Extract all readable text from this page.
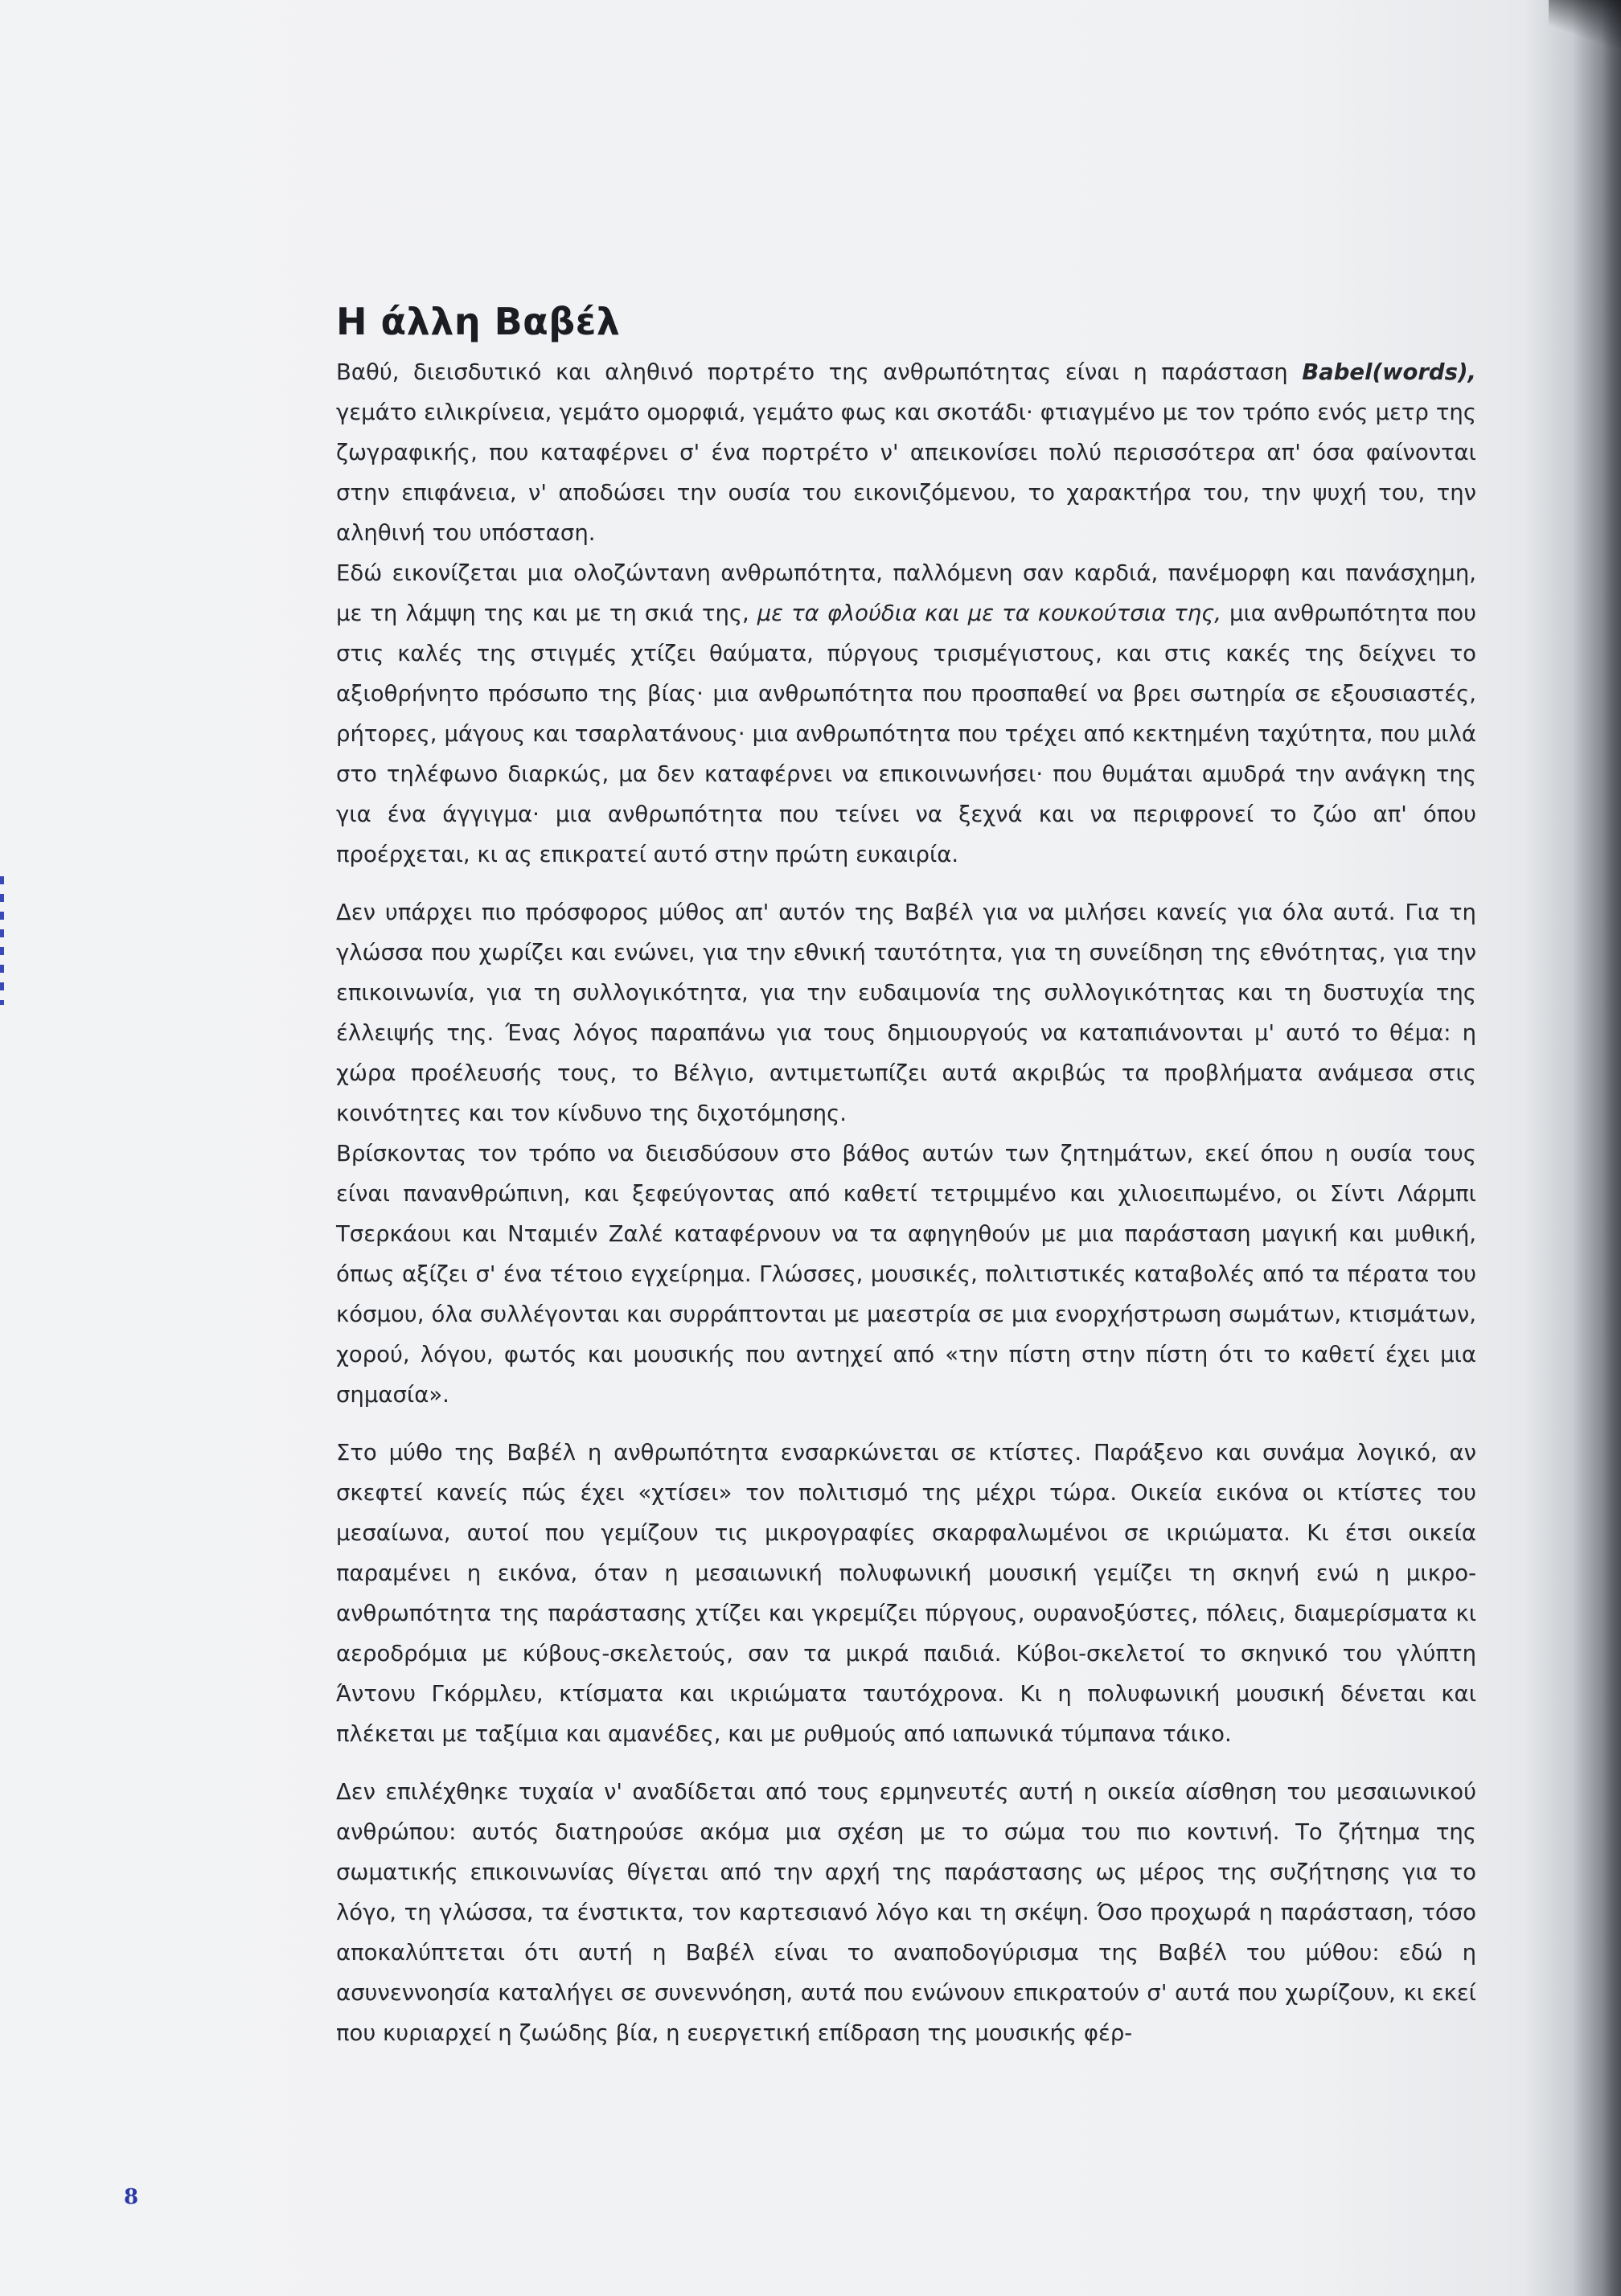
Η άλλη Βαβέλ

Βαθύ, διεισδυτικό και αληθινό πορτρέτο της ανθρωπότητας είναι η παράσταση Babel(words), γεμάτο ειλικρίνεια, γεμάτο ομορφιά, γεμάτο φως και σκοτάδι· φτιαγμένο με τον τρόπο ενός μετρ της ζωγραφικής, που καταφέρνει σ' ένα πορτρέτο ν' απεικονίσει πολύ περισσότερα απ' όσα φαίνονται στην επιφάνεια, ν' αποδώσει την ουσία του εικονιζόμενου, το χαρακτήρα του, την ψυχή του, την αληθινή του υπόσταση.

Εδώ εικονίζεται μια ολοζώντανη ανθρωπότητα, παλλόμενη σαν καρδιά, πανέμορφη και πανάσχημη, με τη λάμψη της και με τη σκιά της, με τα φλούδια και με τα κουκούτσια της, μια ανθρωπότητα που στις καλές της στιγμές χτίζει θαύματα, πύργους τρισμέγιστους, και στις κακές της δείχνει το αξιοθρήνητο πρόσωπο της βίας· μια ανθρωπότητα που προσπαθεί να βρει σωτηρία σε εξουσιαστές, ρήτορες, μάγους και τσαρλατάνους· μια ανθρωπότητα που τρέχει από κεκτημένη ταχύτητα, που μιλά στο τηλέφωνο διαρκώς, μα δεν καταφέρνει να επικοινωνήσει· που θυμάται αμυδρά την ανάγκη της για ένα άγγιγμα· μια ανθρωπότητα που τείνει να ξεχνά και να περιφρονεί το ζώο απ' όπου προέρχεται, κι ας επικρατεί αυτό στην πρώτη ευκαιρία.

Δεν υπάρχει πιο πρόσφορος μύθος απ' αυτόν της Βαβέλ για να μιλήσει κανείς για όλα αυτά. Για τη γλώσσα που χωρίζει και ενώνει, για την εθνική ταυτότητα, για τη συνείδηση της εθνότητας, για την επικοινωνία, για τη συλλογικότητα, για την ευδαιμονία της συλλογικότητας και τη δυστυχία της έλλειψής της. Ένας λόγος παραπάνω για τους δημιουργούς να καταπιάνονται μ' αυτό το θέμα: η χώρα προέλευσής τους, το Βέλγιο, αντιμετωπίζει αυτά ακριβώς τα προβλήματα ανάμεσα στις κοινότητες και τον κίνδυνο της διχοτόμησης.

Βρίσκοντας τον τρόπο να διεισδύσουν στο βάθος αυτών των ζητημάτων, εκεί όπου η ουσία τους είναι πανανθρώπινη, και ξεφεύγοντας από καθετί τετριμμένο και χιλιοειπωμένο, οι Σίντι Λάρμπι Τσερκάουι και Νταμιέν Ζαλέ καταφέρνουν να τα αφηγηθούν με μια παράσταση μαγική και μυθική, όπως αξίζει σ' ένα τέτοιο εγχείρημα. Γλώσσες, μουσικές, πολιτιστικές καταβολές από τα πέρατα του κόσμου, όλα συλλέγονται και συρράπτονται με μαεστρία σε μια ενορχήστρωση σωμάτων, κτισμάτων, χορού, λόγου, φωτός και μουσικής που αντηχεί από «την πίστη στην πίστη ότι το καθετί έχει μια σημασία».

Στο μύθο της Βαβέλ η ανθρωπότητα ενσαρκώνεται σε κτίστες. Παράξενο και συνάμα λογικό, αν σκεφτεί κανείς πώς έχει «χτίσει» τον πολιτισμό της μέχρι τώρα. Οικεία εικόνα οι κτίστες του μεσαίωνα, αυτοί που γεμίζουν τις μικρογραφίες σκαρφαλωμένοι σε ικριώματα. Κι έτσι οικεία παραμένει η εικόνα, όταν η μεσαιωνική πολυφωνική μουσική γεμίζει τη σκηνή ενώ η μικρο-ανθρωπότητα της παράστασης χτίζει και γκρεμίζει πύργους, ουρανοξύστες, πόλεις, διαμερίσματα κι αεροδρόμια με κύβους-σκελετούς, σαν τα μικρά παιδιά. Κύβοι-σκελετοί το σκηνικό του γλύπτη Άντονυ Γκόρμλευ, κτίσματα και ικριώματα ταυτόχρονα. Κι η πολυφωνική μουσική δένεται και πλέκεται με ταξίμια και αμανέδες, και με ρυθμούς από ιαπωνικά τύμπανα τάικο.

Δεν επιλέχθηκε τυχαία ν' αναδίδεται από τους ερμηνευτές αυτή η οικεία αίσθηση του μεσαιωνικού ανθρώπου: αυτός διατηρούσε ακόμα μια σχέση με το σώμα του πιο κοντινή. Το ζήτημα της σωματικής επικοινωνίας θίγεται από την αρχή της παράστασης ως μέρος της συζήτησης για το λόγο, τη γλώσσα, τα ένστικτα, τον καρτεσιανό λόγο και τη σκέψη. Όσο προχωρά η παράσταση, τόσο αποκαλύπτεται ότι αυτή η Βαβέλ είναι το αναποδογύρισμα της Βαβέλ του μύθου: εδώ η ασυνεννοησία καταλήγει σε συνεννόηση, αυτά που ενώνουν επικρατούν σ' αυτά που χωρίζουν, κι εκεί που κυριαρχεί η ζωώδης βία, η ευεργετική επίδραση της μουσικής φέρ-

8
